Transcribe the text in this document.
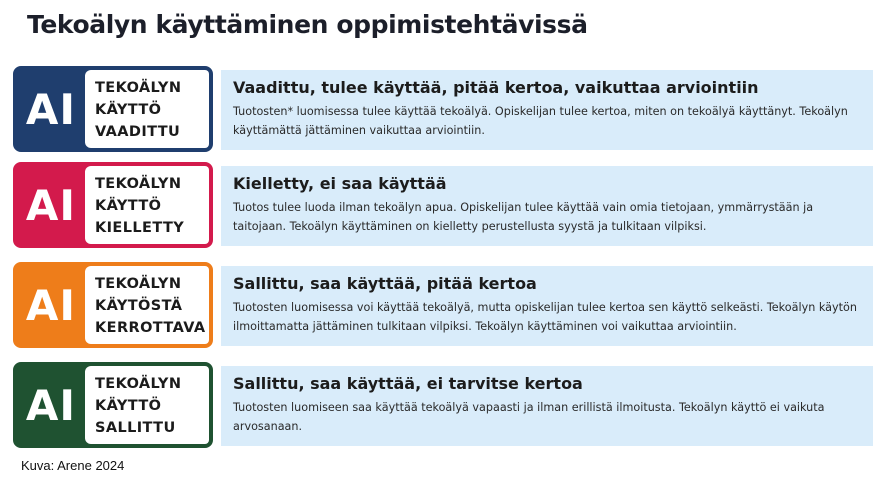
Tekoälyn käyttäminen oppimistehtävissä
AI	TEKOÄLYN
KÄYTTÖ
VAADITTU
Vaadittu, tulee käyttää, pitää kertoa, vaikuttaa arviointiin
Tuotosten* luomisessa tulee käyttää tekoälyä. Opiskelijan tulee kertoa, miten on tekoälyä käyttänyt. Tekoälyn käyttämättä jättäminen vaikuttaa arviointiin.
AI	TEKOÄLYN
KÄYTTÖ
KIELLETTY
Kielletty, ei saa käyttää
Tuotos tulee luoda ilman tekoälyn apua. Opiskelijan tulee käyttää vain omia tietojaan, ymmärrystään ja taitojaan. Tekoälyn käyttäminen on kielletty perustellusta syystä ja tulkitaan vilpiksi.
AI	TEKOÄLYN
KÄYTÖSTÄ
KERROTTAVA
Sallittu, saa käyttää, pitää kertoa
Tuotosten luomisessa voi käyttää tekoälyä, mutta opiskelijan tulee kertoa sen käyttö selkeästi. Tekoälyn käytön ilmoittamatta jättäminen tulkitaan vilpiksi. Tekoälyn käyttäminen voi vaikuttaa arviointiin.
AI	TEKOÄLYN
KÄYTTÖ
SALLITTU
Sallittu, saa käyttää, ei tarvitse kertoa
Tuotosten luomiseen saa käyttää tekoälyä vapaasti ja ilman erillistä ilmoitusta. Tekoälyn käyttö ei vaikuta arvosanaan.
Kuva: Arene 2024
